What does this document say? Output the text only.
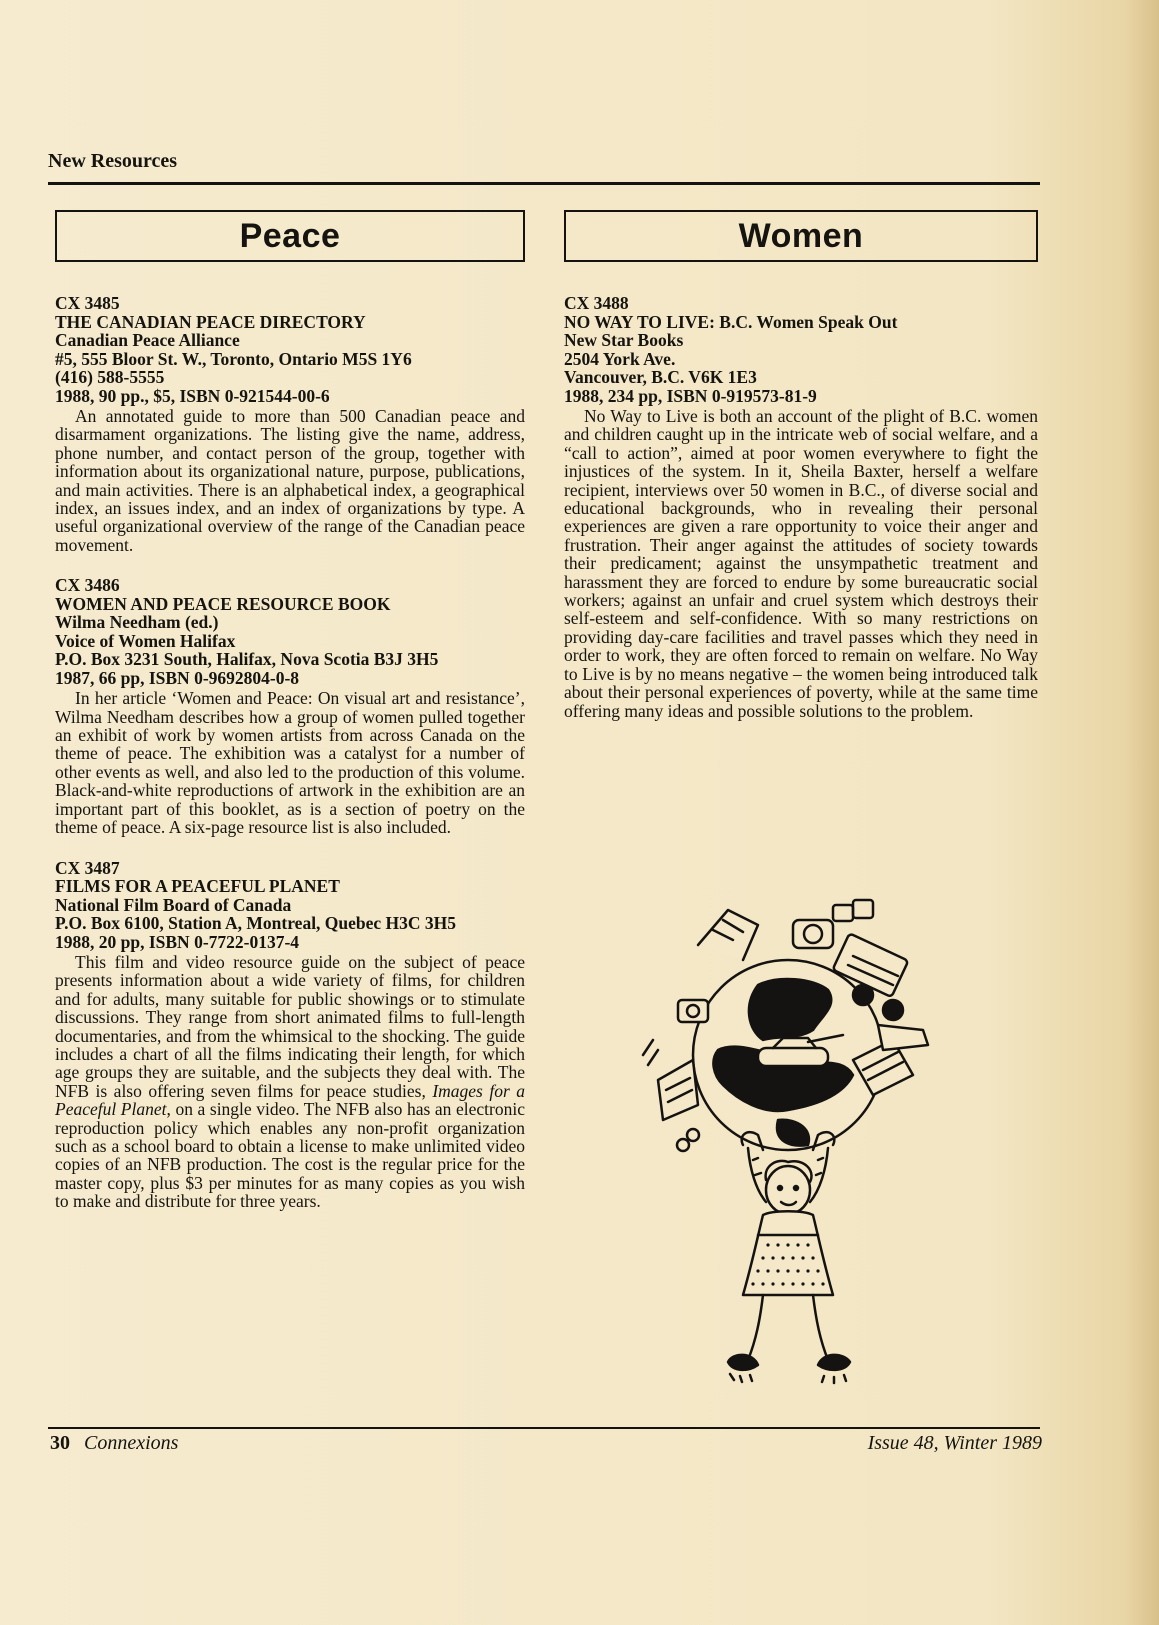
New Resources
Peace
CX 3485
THE CANADIAN PEACE DIRECTORY
Canadian Peace Alliance
#5, 555 Bloor St. W., Toronto, Ontario M5S 1Y6
(416) 588-5555
1988, 90 pp., $5, ISBN 0-921544-00-6

An annotated guide to more than 500 Canadian peace and disarmament organizations. The listing give the name, address, phone number, and contact person of the group, together with information about its organizational nature, purpose, publications, and main activities. There is an alphabetical index, a geographical index, an issues index, and an index of organizations by type. A useful organizational overview of the range of the Canadian peace movement.

CX 3486
WOMEN AND PEACE RESOURCE BOOK
Wilma Needham (ed.)
Voice of Women Halifax
P.O. Box 3231 South, Halifax, Nova Scotia B3J 3H5
1987, 66 pp, ISBN 0-9692804-0-8

In her article ‘Women and Peace: On visual art and resistance’, Wilma Needham describes how a group of women pulled together an exhibit of work by women artists from across Canada on the theme of peace. The exhibition was a catalyst for a number of other events as well, and also led to the production of this volume. Black-and-white reproductions of artwork in the exhibition are an important part of this booklet, as is a section of poetry on the theme of peace. A six-page resource list is also included.

CX 3487
FILMS FOR A PEACEFUL PLANET
National Film Board of Canada
P.O. Box 6100, Station A, Montreal, Quebec H3C 3H5
1988, 20 pp, ISBN 0-7722-0137-4

This film and video resource guide on the subject of peace presents information about a wide variety of films, for children and for adults, many suitable for public showings or to stimulate discussions. They range from short animated films to full-length documentaries, and from the whimsical to the shocking. The guide includes a chart of all the films indicating their length, for which age groups they are suitable, and the subjects they deal with. The NFB is also offering seven films for peace studies, Images for a Peaceful Planet, on a single video. The NFB also has an electronic reproduction policy which enables any non-profit organization such as a school board to obtain a license to make unlimited video copies of an NFB production. The cost is the regular price for the master copy, plus $3 per minutes for as many copies as you wish to make and distribute for three years.

Women
CX 3488
NO WAY TO LIVE: B.C. Women Speak Out
New Star Books
2504 York Ave.
Vancouver, B.C. V6K 1E3
1988, 234 pp, ISBN 0-919573-81-9

No Way to Live is both an account of the plight of B.C. women and children caught up in the intricate web of social welfare, and a “call to action”, aimed at poor women everywhere to fight the injustices of the system. In it, Sheila Baxter, herself a welfare recipient, interviews over 50 women in B.C., of diverse social and educational backgrounds, who in revealing their personal experiences are given a rare opportunity to voice their anger and frustration. Their anger against the attitudes of society towards their predicament; against the unsympathetic treatment and harassment they are forced to endure by some bureaucratic social workers; against an unfair and cruel system which destroys their self-esteem and self-confidence. With so many restrictions on providing day-care facilities and travel passes which they need in order to work, they are often forced to remain on welfare. No Way to Live is by no means negative – the women being introduced talk about their personal experiences of poverty, while at the same time offering many ideas and possible solutions to the problem.

30 Connexions	Issue 48, Winter 1989
